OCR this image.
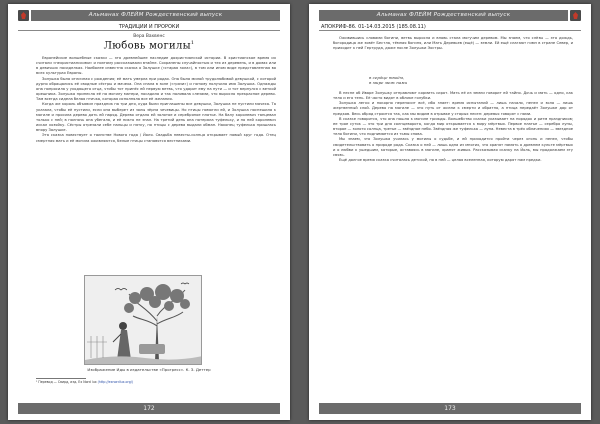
Альманах ФЛЕЙМ Рождественский выпуск
ТРАДИЦИИ И ПРОРОКИ
Вера Вахвенс
Любовь могилы$^1$

Европейские волшебные сказки — это древнейшее наследие дохристианской истории. В христианское время их считали «нехристианскими» и поэтому рассказывали втайне. Сохранены случайностью и тех из деревень, и в домах или в девичьих посиделках. Наиболее известна сказка о Золушке («старая зола»), в том или ином виде представленная во всех культурах Европы.

Золушка была отличная с рождения; её мать умерла при родах. Она была милой трудолюбивой девушкой, с которой дурно обращались её сводные сёстры и мачеха. Она спала в золе («грязи») и потому получила имя Золушка. Однажды она попросила у уходящего отца, чтобы тот принёс ей первую ветвь, что ударит ему на пути — и тот вернулся с веткой орешника. Золушка принесла её на могилу матери, посадила и так поливала слезами, что выросло прекрасное дерево. Там всегда сидела белая птичка, которая исполняла все её желания.

Когда же король объявил праздник на три дня, куда были приглашены все девушки, Золушка не пустили мачеха. Та указала, чтобы её пустили, если она выберет из золы зёрна чечевицы. Но птицы помогли ей, и Золушка поспешила к могиле и просила дерево дать ей наряд. Дерево отдало ей золотое и серебряное платье. На балу королевич танцевал только с ней; в полночь она убегала, и её никто не знал. На третий день она потеряла туфельку, и по ней королевич искал хозяйку. Сёстры отрезали себе пальцы и пятку, но птицы с дерева выдали обман. Наконец туфелька пришлась впору Золушке.

Эта сказка повествует о таинстве Нового года / Йоля. Свадьба невесты-солнца открывает новый круг года. Отец смертная мать и её могила оживляются, белые птицы становятся вестниками.

Изображение Иды в издательстве «Прогресс». К. З. Деттер
¹ Перевод — Свирд, изд. Ex Nord lux (http://exnordlux.org/)
172
Альманах ФЛЕЙМ Рождественский выпуск
АПОКРИФ-86. 01-14.03.2015 (185.08.11)

Оживившись словами богини, ветвь выросла и вновь стала могучим деревом. Мы знаем, что слёзы — это дождь, богородица же зовёт Бестла, тёмная богиня, или Мать Деревьев (ещё) — земли. Ей ещё слагают гимн в стране Север, и приходит к ней Гертруда, даже после Золушки Эостры.

в сердце твоём,
в мире меж нами

В песне об Иваре Золушку отправляют кормить сирот. Мать её из земли говорит ей тайно. Дочь и мать — одно, как тело и его тень. Её часто видят в облике голубки.

Золушка легко и покорно переносит всё, ибо знает: время испытаний — лишь начало, пепел и зола — лишь жертвенный слой. Дерево на могиле — это путь от жизни к смерти и обратно, а птица передаёт Золушке дар от предков. Весь обряд строится так, как мы видим в отрывке у старых песен: деревья говорят с нами.

В сказке говорится, что она пошла к могиле трижды. Волшебство сказки указывает на порядок и ритм праздников; ее трое суток — это три дня солнцеворота, когда мир открывается к миру мёртвых. Первое платье — серебро луны, второе — золото солнца, третье — звёздное небо. Звёздная же туфелька — луна. Невеста в трёх облачениях — звездное тело богини, что поднимается из тьмы снова.

Мы знаем, что Золушка училась у могилы о судьбе, и ей приходится пройти через огонь и пепел, чтобы свидетельствовать о природе рода. Сказка о ней — лишь одна из многих, что хранят память о древнем культе мёртвых и о любви к ушедшим, которые, оставаясь в могиле, хранят живых. Рассказывая сказку на Йоль, мы продолжаем эту связь.

Ещё долгое время сказка считалась детской, но в ней — целая вселенная, которую дарят нам предки.

173
